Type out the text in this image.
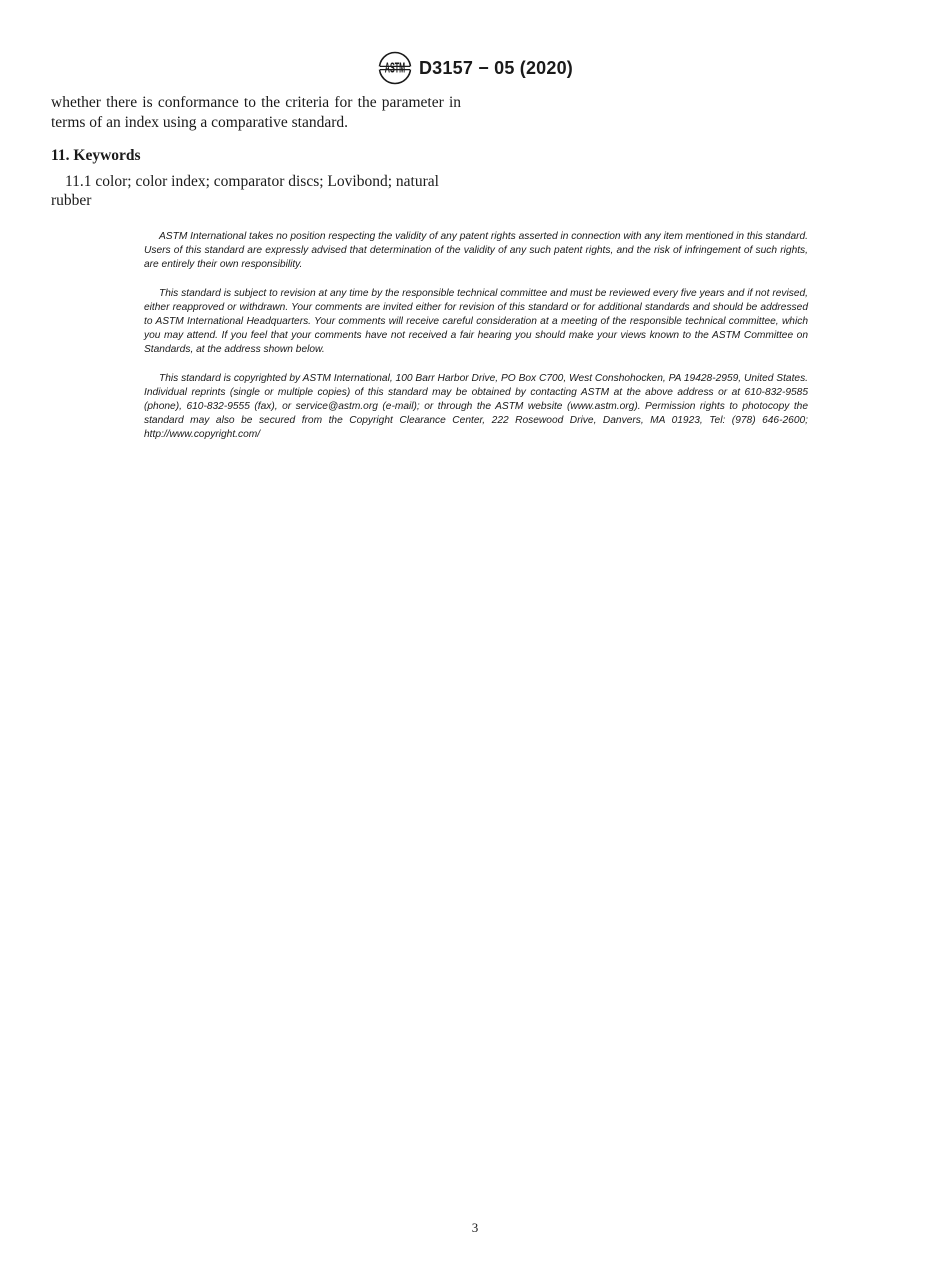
ASTM D3157 − 05 (2020)

whether there is conformance to the criteria for the parameter in terms of an index using a comparative standard.

11. Keywords

11.1 color; color index; comparator discs; Lovibond; natural rubber

ASTM International takes no position respecting the validity of any patent rights asserted in connection with any item mentioned in this standard. Users of this standard are expressly advised that determination of the validity of any such patent rights, and the risk of infringement of such rights, are entirely their own responsibility.

This standard is subject to revision at any time by the responsible technical committee and must be reviewed every five years and if not revised, either reapproved or withdrawn. Your comments are invited either for revision of this standard or for additional standards and should be addressed to ASTM International Headquarters. Your comments will receive careful consideration at a meeting of the responsible technical committee, which you may attend. If you feel that your comments have not received a fair hearing you should make your views known to the ASTM Committee on Standards, at the address shown below.

This standard is copyrighted by ASTM International, 100 Barr Harbor Drive, PO Box C700, West Conshohocken, PA 19428-2959, United States. Individual reprints (single or multiple copies) of this standard may be obtained by contacting ASTM at the above address or at 610-832-9585 (phone), 610-832-9555 (fax), or service@astm.org (e-mail); or through the ASTM website (www.astm.org). Permission rights to photocopy the standard may also be secured from the Copyright Clearance Center, 222 Rosewood Drive, Danvers, MA 01923, Tel: (978) 646-2600; http://www.copyright.com/

3
